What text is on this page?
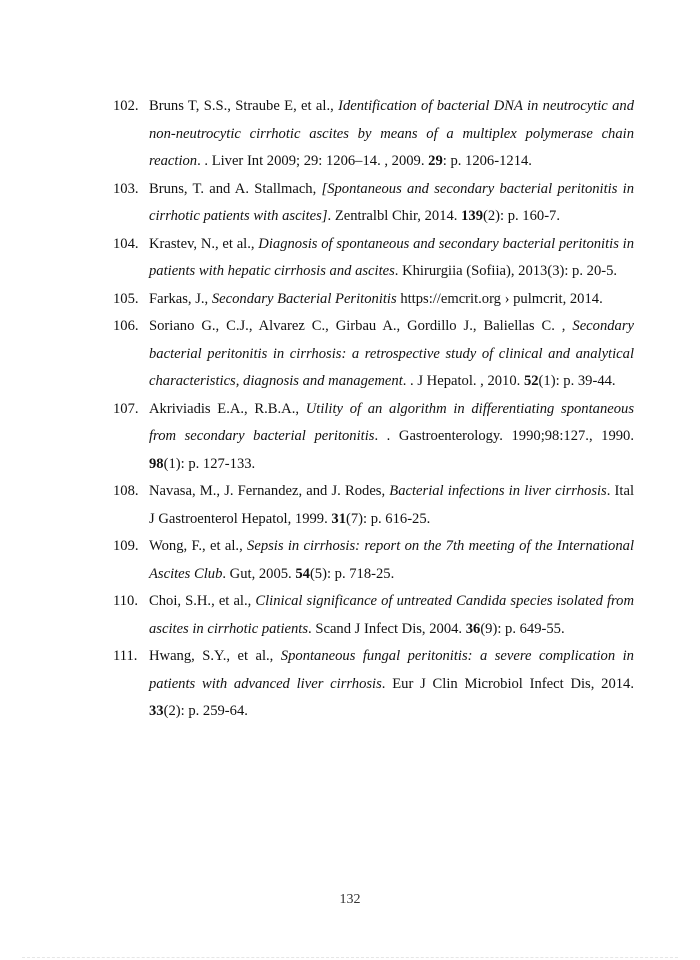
102. Bruns T, S.S., Straube E, et al., Identification of bacterial DNA in neutrocytic and non-neutrocytic cirrhotic ascites by means of a multiplex polymerase chain reaction. . Liver Int 2009; 29: 1206–14. , 2009. 29: p. 1206-1214.
103. Bruns, T. and A. Stallmach, [Spontaneous and secondary bacterial peritonitis in cirrhotic patients with ascites]. Zentralbl Chir, 2014. 139(2): p. 160-7.
104. Krastev, N., et al., Diagnosis of spontaneous and secondary bacterial peritonitis in patients with hepatic cirrhosis and ascites. Khirurgiia (Sofiia), 2013(3): p. 20-5.
105. Farkas, J., Secondary Bacterial Peritonitis https://emcrit.org › pulmcrit, 2014.
106. Soriano G., C.J., Alvarez C., Girbau A., Gordillo J., Baliellas C. , Secondary bacterial peritonitis in cirrhosis: a retrospective study of clinical and analytical characteristics, diagnosis and management. . J Hepatol. , 2010. 52(1): p. 39-44.
107. Akriviadis E.A., R.B.A., Utility of an algorithm in differentiating spontaneous from secondary bacterial peritonitis. . Gastroenterology. 1990;98:127., 1990. 98(1): p. 127-133.
108. Navasa, M., J. Fernandez, and J. Rodes, Bacterial infections in liver cirrhosis. Ital J Gastroenterol Hepatol, 1999. 31(7): p. 616-25.
109. Wong, F., et al., Sepsis in cirrhosis: report on the 7th meeting of the International Ascites Club. Gut, 2005. 54(5): p. 718-25.
110. Choi, S.H., et al., Clinical significance of untreated Candida species isolated from ascites in cirrhotic patients. Scand J Infect Dis, 2004. 36(9): p. 649-55.
111. Hwang, S.Y., et al., Spontaneous fungal peritonitis: a severe complication in patients with advanced liver cirrhosis. Eur J Clin Microbiol Infect Dis, 2014. 33(2): p. 259-64.
132
